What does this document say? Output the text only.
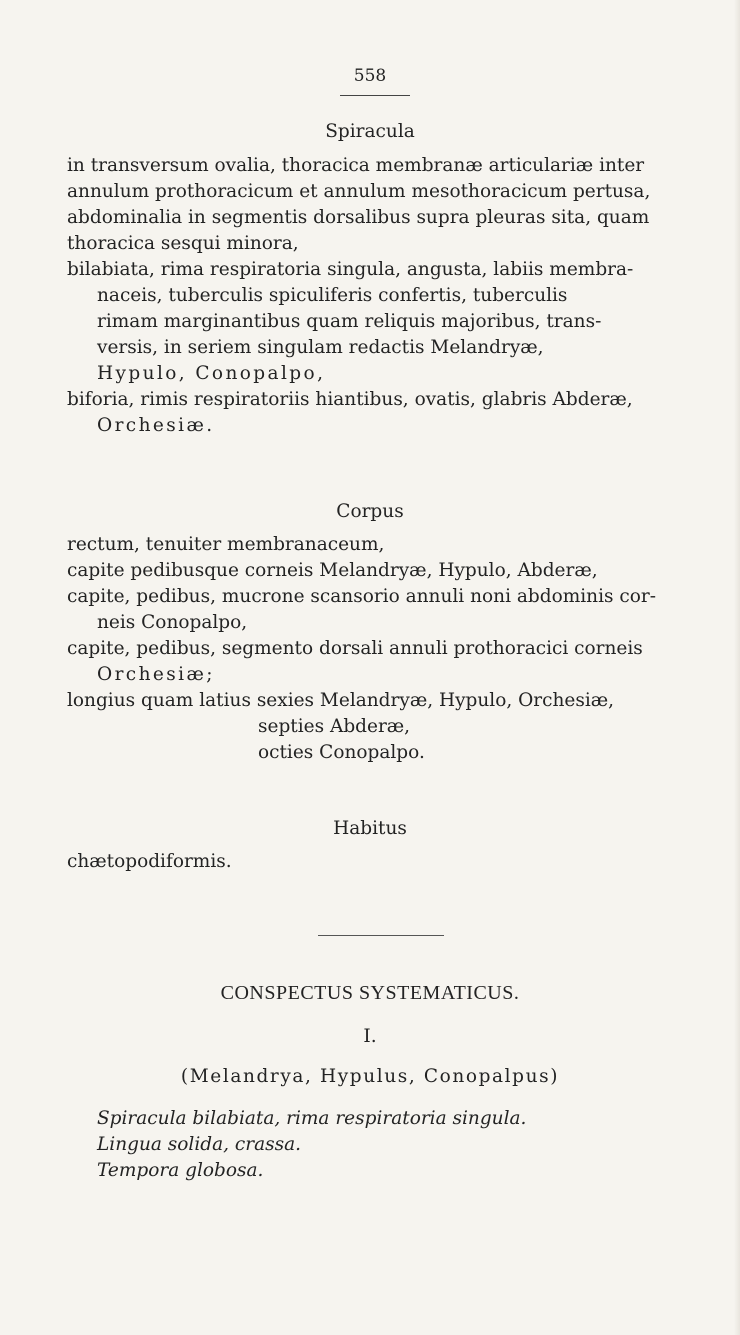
558
Spiracula
in transversum ovalia, thoracica membranæ articulariæ inter
annulum prothoracicum et annulum mesothoracicum pertusa,
abdominalia in segmentis dorsalibus supra pleuras sita, quam
thoracica sesqui minora,
bilabiata, rima respiratoria singula, angusta, labiis membra-
naceis, tuberculis spiculiferis confertis, tuberculis
rimam marginantibus quam reliquis majoribus, trans-
versis, in seriem singulam redactis Melandryæ,
Hypulo, Conopalpo,
biforia, rimis respiratoriis hiantibus, ovatis, glabris Abderæ,
Orchesiæ.
Corpus
rectum, tenuiter membranaceum,
capite pedibusque corneis Melandryæ, Hypulo, Abderæ,
capite, pedibus, mucrone scansorio annuli noni abdominis cor-
neis Conopalpo,
capite, pedibus, segmento dorsali annuli prothoracici corneis
Orchesiæ;
longius quam latius sexies Melandryæ, Hypulo, Orchesiæ,
septies Abderæ,
octies Conopalpo.
Habitus
chætopodiformis.
CONSPECTUS SYSTEMATICUS.
I.
(Melandrya, Hypulus, Conopalpus)
Spiracula bilabiata, rima respiratoria singula.
Lingua solida, crassa.
Tempora globosa.
